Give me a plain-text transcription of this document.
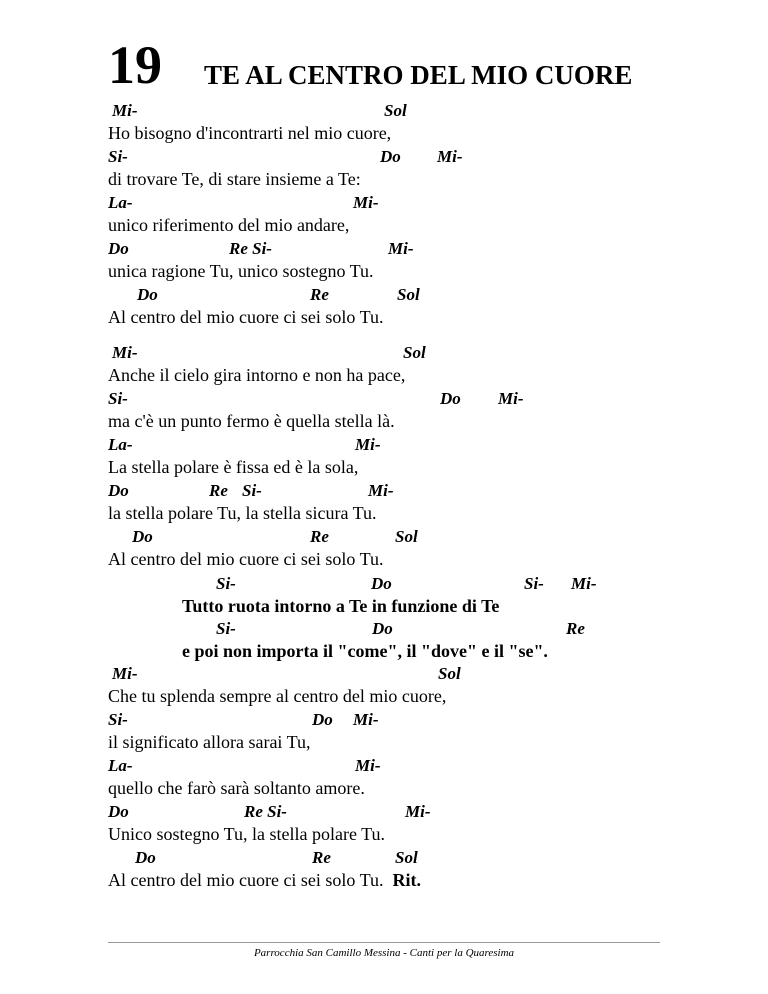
19 TE AL CENTRO DEL MIO CUORE
Mi-	Sol
Ho bisogno d'incontrarti nel mio cuore,
Si-	Do Mi-
di trovare Te, di stare insieme a Te:
La-	Mi-
unico riferimento del mio andare,
Do	Re Si-	Mi-
unica ragione Tu, unico sostegno Tu.
Do	Re	Sol
Al centro del mio cuore ci sei solo Tu.
Mi-	Sol
Anche il cielo gira intorno e non ha pace,
Si-	Do Mi-
ma c'è un punto fermo è quella stella là.
La-	Mi-
La stella polare è fissa ed è la sola,
Do	Re Si-	Mi-
la stella polare Tu, la stella sicura Tu.
Do	Re	Sol
Al centro del mio cuore ci sei solo Tu.
Si-	Do	Si- Mi-
Tutto ruota intorno a Te in funzione di Te
Si-	Do	Re
e poi non importa il "come", il "dove" e il "se".
Mi-	Sol
Che tu splenda sempre al centro del mio cuore,
Si-	Do Mi-
il significato allora sarai Tu,
La-	Mi-
quello che farò sarà soltanto amore.
Do	Re Si-	Mi-
Unico sostegno Tu, la stella polare Tu.
Do	Re	Sol
Al centro del mio cuore ci sei solo Tu. Rit.
Parrocchia San Camillo Messina - Canti per la Quaresima
